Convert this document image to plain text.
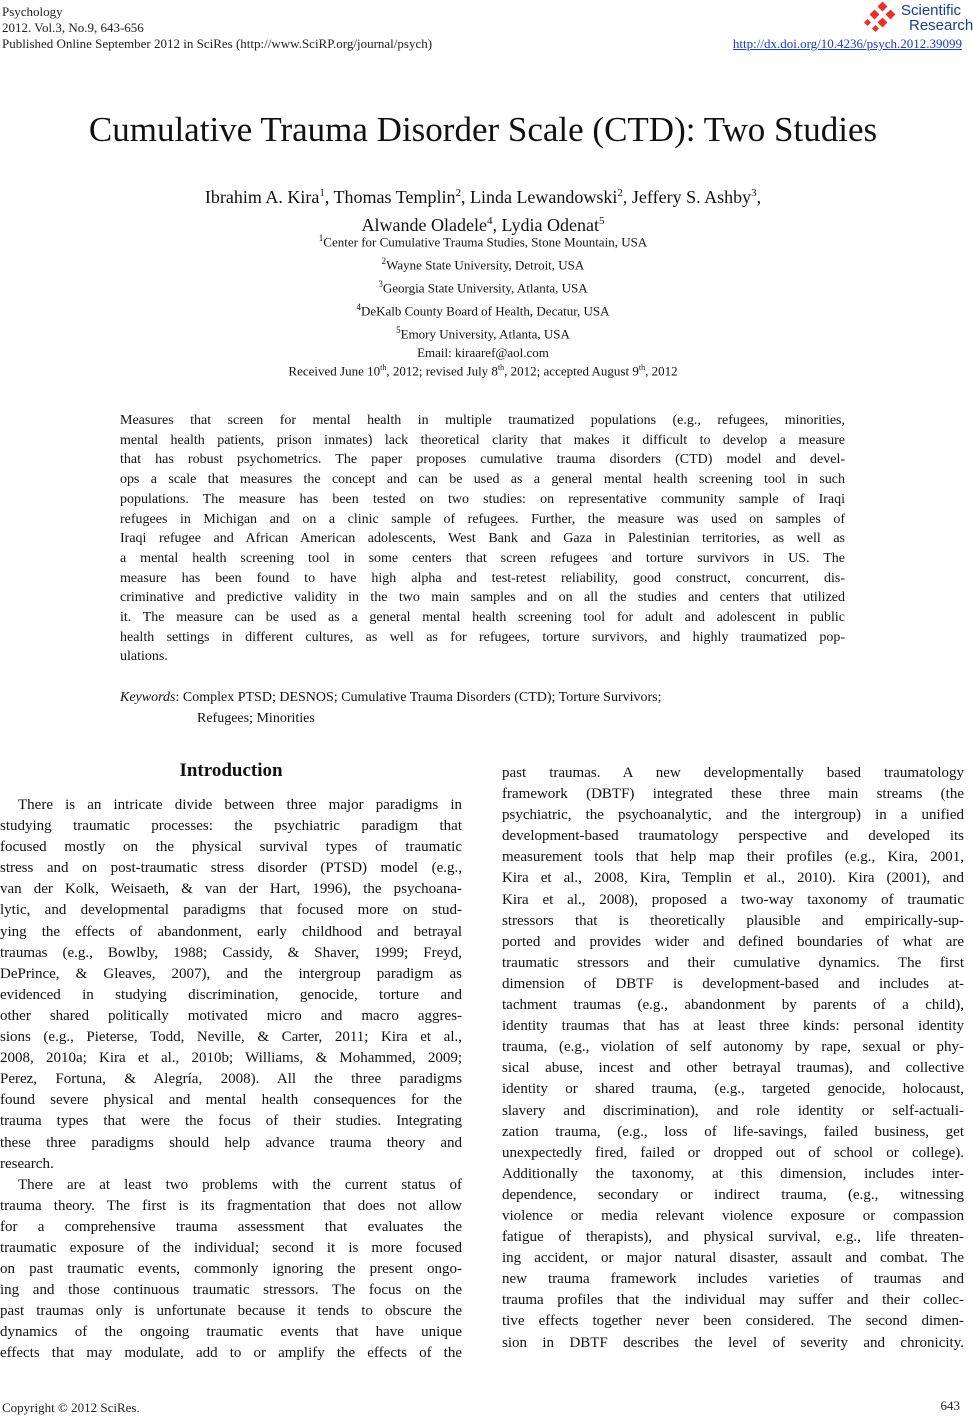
Psychology
2012. Vol.3, No.9, 643-656
Published Online September 2012 in SciRes (http://www.SciRP.org/journal/psych)	http://dx.doi.org/10.4236/psych.2012.39099
Scientific
Research
Cumulative Trauma Disorder Scale (CTD): Two Studies
Ibrahim A. Kira$^1$, Thomas Templin$^2$, Linda Lewandowski$^2$, Jeffery S. Ashby$^3$,
Alwande Oladele$^4$, Lydia Odenat$^5$
$^1$Center for Cumulative Trauma Studies, Stone Mountain, USA
$^2$Wayne State University, Detroit, USA
$^3$Georgia State University, Atlanta, USA
$^4$DeKalb County Board of Health, Decatur, USA
$^5$Emory University, Atlanta, USA
Email: kiraaref@aol.com
Received June 10th, 2012; revised July 8th, 2012; accepted August 9th, 2012
Measures that screen for mental health in multiple traumatized populations (e.g., refugees, minorities,
mental health patients, prison inmates) lack theoretical clarity that makes it difficult to develop a measure
that has robust psychometrics. The paper proposes cumulative trauma disorders (CTD) model and devel-
ops a scale that measures the concept and can be used as a general mental health screening tool in such
populations. The measure has been tested on two studies: on representative community sample of Iraqi
refugees in Michigan and on a clinic sample of refugees. Further, the measure was used on samples of
Iraqi refugee and African American adolescents, West Bank and Gaza in Palestinian territories, as well as
a mental health screening tool in some centers that screen refugees and torture survivors in US. The
measure has been found to have high alpha and test-retest reliability, good construct, concurrent, dis-
criminative and predictive validity in the two main samples and on all the studies and centers that utilized
it. The measure can be used as a general mental health screening tool for adult and adolescent in public
health settings in different cultures, as well as for refugees, torture survivors, and highly traumatized pop-
ulations.
Keywords: Complex PTSD; DESNOS; Cumulative Trauma Disorders (CTD); Torture Survivors;
Refugees; Minorities
Introduction
There is an intricate divide between three major paradigms in
studying traumatic processes: the psychiatric paradigm that
focused mostly on the physical survival types of traumatic
stress and on post-traumatic stress disorder (PTSD) model (e.g.,
van der Kolk, Weisaeth, & van der Hart, 1996), the psychoana-
lytic, and developmental paradigms that focused more on stud-
ying the effects of abandonment, early childhood and betrayal
traumas (e.g., Bowlby, 1988; Cassidy, & Shaver, 1999; Freyd,
DePrince, & Gleaves, 2007), and the intergroup paradigm as
evidenced in studying discrimination, genocide, torture and
other shared politically motivated micro and macro aggres-
sions (e.g., Pieterse, Todd, Neville, & Carter, 2011; Kira et al.,
2008, 2010a; Kira et al., 2010b; Williams, & Mohammed, 2009;
Perez, Fortuna, & Alegría, 2008). All the three paradigms
found severe physical and mental health consequences for the
trauma types that were the focus of their studies. Integrating
these three paradigms should help advance trauma theory and
research.
There are at least two problems with the current status of
trauma theory. The first is its fragmentation that does not allow
for a comprehensive trauma assessment that evaluates the
traumatic exposure of the individual; second it is more focused
on past traumatic events, commonly ignoring the present ongo-
ing and those continuous traumatic stressors. The focus on the
past traumas only is unfortunate because it tends to obscure the
dynamics of the ongoing traumatic events that have unique
effects that may modulate, add to or amplify the effects of the
past traumas. A new developmentally based traumatology
framework (DBTF) integrated these three main streams (the
psychiatric, the psychoanalytic, and the intergroup) in a unified
development-based traumatology perspective and developed its
measurement tools that help map their profiles (e.g., Kira, 2001,
Kira et al., 2008, Kira, Templin et al., 2010). Kira (2001), and
Kira et al., 2008), proposed a two-way taxonomy of traumatic
stressors that is theoretically plausible and empirically-sup-
ported and provides wider and defined boundaries of what are
traumatic stressors and their cumulative dynamics. The first
dimension of DBTF is development-based and includes at-
tachment traumas (e.g., abandonment by parents of a child),
identity traumas that has at least three kinds: personal identity
trauma, (e.g., violation of self autonomy by rape, sexual or phy-
sical abuse, incest and other betrayal traumas), and collective
identity or shared trauma, (e.g., targeted genocide, holocaust,
slavery and discrimination), and role identity or self-actuali-
zation trauma, (e.g., loss of life-savings, failed business, get
unexpectedly fired, failed or dropped out of school or college).
Additionally the taxonomy, at this dimension, includes inter-
dependence, secondary or indirect trauma, (e.g., witnessing
violence or media relevant violence exposure or compassion
fatigue of therapists), and physical survival, e.g., life threaten-
ing accident, or major natural disaster, assault and combat. The
new trauma framework includes varieties of traumas and
trauma profiles that the individual may suffer and their collec-
tive effects together never been considered. The second dimen-
sion in DBTF describes the level of severity and chronicity.
Copyright © 2012 SciRes.	643
